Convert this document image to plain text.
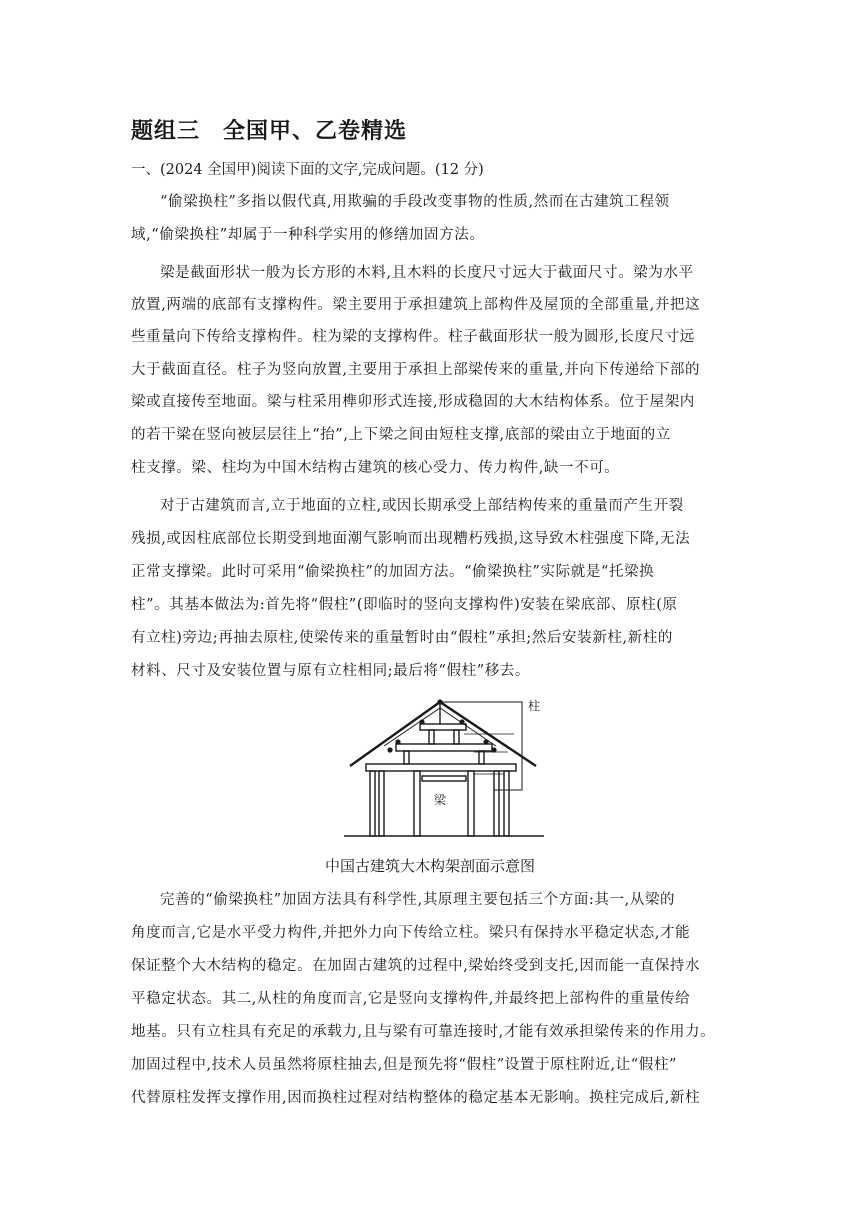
题组三　全国甲、乙卷精选
一、(2024 全国甲)阅读下面的文字,完成问题。(12 分)
“偷梁换柱”多指以假代真,用欺骗的手段改变事物的性质,然而在古建筑工程领
域,“偷梁换柱”却属于一种科学实用的修缮加固方法。
梁是截面形状一般为长方形的木料,且木料的长度尺寸远大于截面尺寸。梁为水平
放置,两端的底部有支撑构件。梁主要用于承担建筑上部构件及屋顶的全部重量,并把这
些重量向下传给支撑构件。柱为梁的支撑构件。柱子截面形状一般为圆形,长度尺寸远
大于截面直径。柱子为竖向放置,主要用于承担上部梁传来的重量,并向下传递给下部的
梁或直接传至地面。梁与柱采用榫卯形式连接,形成稳固的大木结构体系。位于屋架内
的若干梁在竖向被层层往上“抬”,上下梁之间由短柱支撑,底部的梁由立于地面的立
柱支撑。梁、柱均为中国木结构古建筑的核心受力、传力构件,缺一不可。
对于古建筑而言,立于地面的立柱,或因长期承受上部结构传来的重量而产生开裂
残损,或因柱底部位长期受到地面潮气影响而出现糟朽残损,这导致木柱强度下降,无法
正常支撑梁。此时可采用“偷梁换柱”的加固方法。“偷梁换柱”实际就是“托梁换
柱”。其基本做法为:首先将“假柱”(即临时的竖向支撑构件)安装在梁底部、原柱(原
有立柱)旁边;再抽去原柱,使梁传来的重量暂时由“假柱”承担;然后安装新柱,新柱的
材料、尺寸及安装位置与原有立柱相同;最后将“假柱”移去。
柱
梁
中国古建筑大木构架剖面示意图
完善的“偷梁换柱”加固方法具有科学性,其原理主要包括三个方面:其一,从梁的
角度而言,它是水平受力构件,并把外力向下传给立柱。梁只有保持水平稳定状态,才能
保证整个大木结构的稳定。在加固古建筑的过程中,梁始终受到支托,因而能一直保持水
平稳定状态。其二,从柱的角度而言,它是竖向支撑构件,并最终把上部构件的重量传给
地基。只有立柱具有充足的承载力,且与梁有可靠连接时,才能有效承担梁传来的作用力。
加固过程中,技术人员虽然将原柱抽去,但是预先将“假柱”设置于原柱附近,让“假柱”
代替原柱发挥支撑作用,因而换柱过程对结构整体的稳定基本无影响。换柱完成后,新柱
